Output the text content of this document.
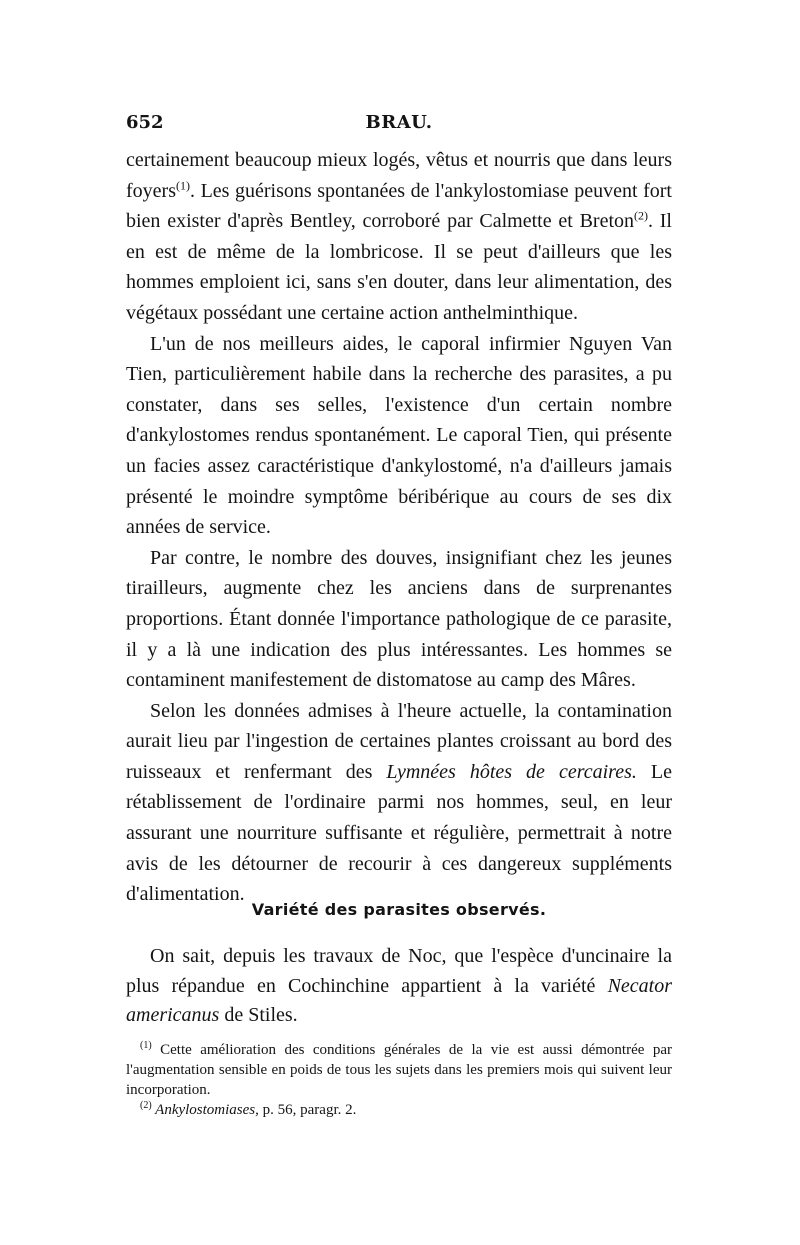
652	BRAU.

certainement beaucoup mieux logés, vêtus et nourris que dans leurs foyers$^{(1)}$. Les guérisons spontanées de l'ankylostomiase peuvent fort bien exister d'après Bentley, corroboré par Calmette et Breton$^{(2)}$. Il en est de même de la lombricose. Il se peut d'ailleurs que les hommes emploient ici, sans s'en douter, dans leur alimentation, des végétaux possédant une certaine action anthelminthique.

L'un de nos meilleurs aides, le caporal infirmier Nguyen Van Tien, particulièrement habile dans la recherche des parasites, a pu constater, dans ses selles, l'existence d'un certain nombre d'ankylostomes rendus spontanément. Le caporal Tien, qui présente un facies assez caractéristique d'ankylostomé, n'a d'ailleurs jamais présenté le moindre symptôme béribérique au cours de ses dix années de service.

Par contre, le nombre des douves, insignifiant chez les jeunes tirailleurs, augmente chez les anciens dans de surprenantes proportions. Étant donnée l'importance pathologique de ce parasite, il y a là une indication des plus intéressantes. Les hommes se contaminent manifestement de distomatose au camp des Mâres.

Selon les données admises à l'heure actuelle, la contamination aurait lieu par l'ingestion de certaines plantes croissant au bord des ruisseaux et renfermant des Lymnées hôtes de cercaires. Le rétablissement de l'ordinaire parmi nos hommes, seul, en leur assurant une nourriture suffisante et régulière, permettrait à notre avis de les détourner de recourir à ces dangereux suppléments d'alimentation.

Variété des parasites observés.
On sait, depuis les travaux de Noc, que l'espèce d'uncinaire la plus répandue en Cochinchine appartient à la variété Necator americanus de Stiles.

$^{(1)}$ Cette amélioration des conditions générales de la vie est aussi démontrée par l'augmentation sensible en poids de tous les sujets dans les premiers mois qui suivent leur incorporation.

$^{(2)}$ Ankylostomiases, p. 56, paragr. 2.
